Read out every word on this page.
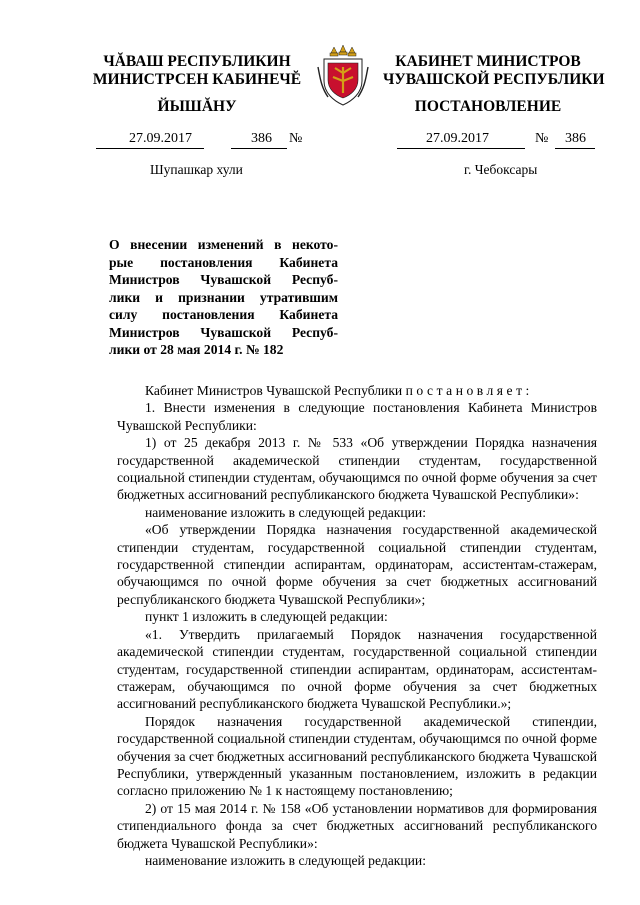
ЧĂВАШ РЕСПУБЛИКИН
МИНИСТРСЕН КАБИНЕЧĔ
ЙЫШĂНУ
КАБИНЕТ МИНИСТРОВ
ЧУВАШСКОЙ РЕСПУБЛИКИ
ПОСТАНОВЛЕНИЕ
27.09.2017	386 №	27.09.2017	№ 386
Шупашкар хули	г. Чебоксары
О внесении изменений в некото-
рые постановления Кабинета
Министров Чувашской Респуб-
лики и признании утратившим
силу постановления Кабинета
Министров Чувашской Респуб-
лики от 28 мая 2014 г. № 182

Кабинет Министров Чувашской Республики постановляет:

1. Внести изменения в следующие постановления Кабинета Министров Чувашской Республики:

1) от 25 декабря 2013 г. № 533 «Об утверждении Порядка назначения государственной академической стипендии студентам, государственной социальной стипендии студентам, обучающимся по очной форме обучения за счет бюджетных ассигнований республиканского бюджета Чувашской Республики»:

наименование изложить в следующей редакции:

«Об утверждении Порядка назначения государственной академической стипендии студентам, государственной социальной стипендии студентам, государственной стипендии аспирантам, ординаторам, ассистентам-стажерам, обучающимся по очной форме обучения за счет бюджетных ассигнований республиканского бюджета Чувашской Республики»;

пункт 1 изложить в следующей редакции:

«1. Утвердить прилагаемый Порядок назначения государственной академической стипендии студентам, государственной социальной стипендии студентам, государственной стипендии аспирантам, ординаторам, ассистентам-стажерам, обучающимся по очной форме обучения за счет бюджетных ассигнований республиканского бюджета Чувашской Республики.»;

Порядок назначения государственной академической стипендии, государственной социальной стипендии студентам, обучающимся по очной форме обучения за счет бюджетных ассигнований республиканского бюджета Чувашской Республики, утвержденный указанным постановлением, изложить в редакции согласно приложению № 1 к настоящему постановлению;

2) от 15 мая 2014 г. № 158 «Об установлении нормативов для формирования стипендиального фонда за счет бюджетных ассигнований республиканского бюджета Чувашской Республики»:

наименование изложить в следующей редакции:
